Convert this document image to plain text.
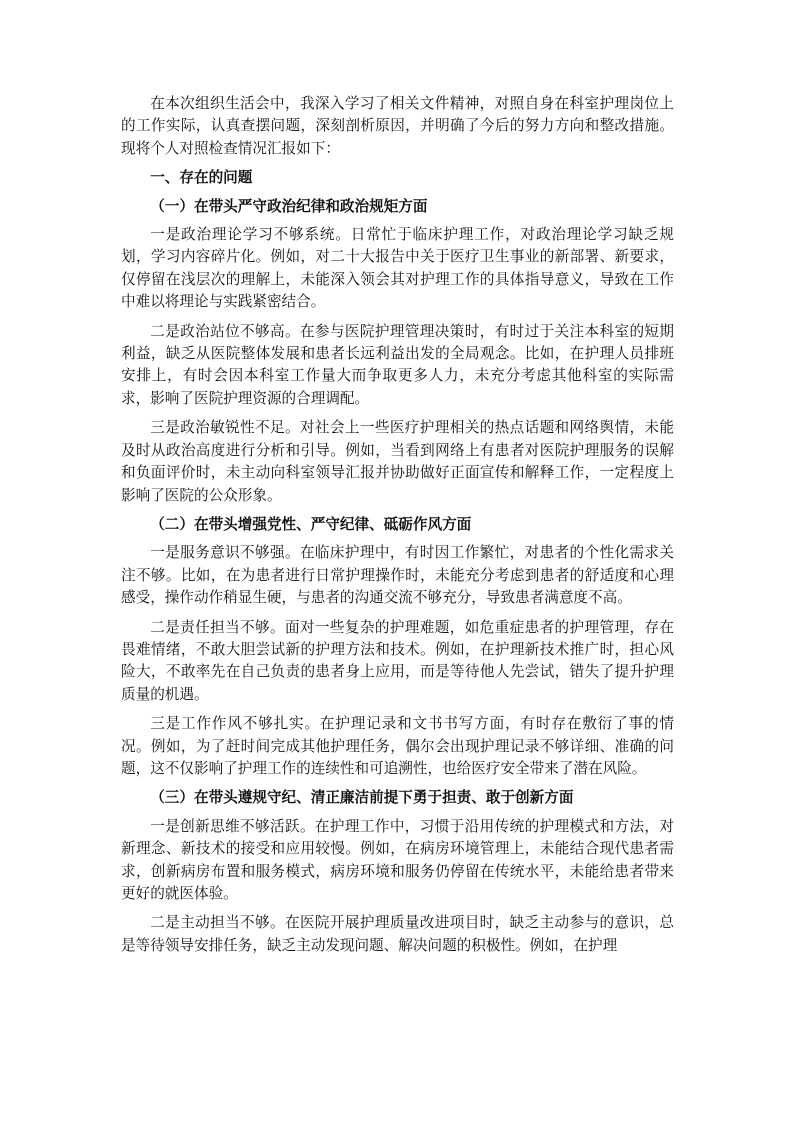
在本次组织生活会中，我深入学习了相关文件精神，对照自身在科室护理岗位上的工作实际，认真查摆问题，深刻剖析原因，并明确了今后的努力方向和整改措施。现将个人对照检查情况汇报如下：

一、存在的问题

（一）在带头严守政治纪律和政治规矩方面

一是政治理论学习不够系统。日常忙于临床护理工作，对政治理论学习缺乏规划，学习内容碎片化。例如，对二十大报告中关于医疗卫生事业的新部署、新要求，仅停留在浅层次的理解上，未能深入领会其对护理工作的具体指导意义，导致在工作中难以将理论与实践紧密结合。

二是政治站位不够高。在参与医院护理管理决策时，有时过于关注本科室的短期利益，缺乏从医院整体发展和患者长远利益出发的全局观念。比如，在护理人员排班安排上，有时会因本科室工作量大而争取更多人力，未充分考虑其他科室的实际需求，影响了医院护理资源的合理调配。

三是政治敏锐性不足。对社会上一些医疗护理相关的热点话题和网络舆情，未能及时从政治高度进行分析和引导。例如，当看到网络上有患者对医院护理服务的误解和负面评价时，未主动向科室领导汇报并协助做好正面宣传和解释工作，一定程度上影响了医院的公众形象。

（二）在带头增强党性、严守纪律、砥砺作风方面

一是服务意识不够强。在临床护理中，有时因工作繁忙，对患者的个性化需求关注不够。比如，在为患者进行日常护理操作时，未能充分考虑到患者的舒适度和心理感受，操作动作稍显生硬，与患者的沟通交流不够充分，导致患者满意度不高。

二是责任担当不够。面对一些复杂的护理难题，如危重症患者的护理管理，存在畏难情绪，不敢大胆尝试新的护理方法和技术。例如，在护理新技术推广时，担心风险大，不敢率先在自己负责的患者身上应用，而是等待他人先尝试，错失了提升护理质量的机遇。

三是工作作风不够扎实。在护理记录和文书书写方面，有时存在敷衍了事的情况。例如，为了赶时间完成其他护理任务，偶尔会出现护理记录不够详细、准确的问题，这不仅影响了护理工作的连续性和可追溯性，也给医疗安全带来了潜在风险。

（三）在带头遵规守纪、清正廉洁前提下勇于担责、敢于创新方面

一是创新思维不够活跃。在护理工作中，习惯于沿用传统的护理模式和方法，对新理念、新技术的接受和应用较慢。例如，在病房环境管理上，未能结合现代患者需求，创新病房布置和服务模式，病房环境和服务仍停留在传统水平，未能给患者带来更好的就医体验。

二是主动担当不够。在医院开展护理质量改进项目时，缺乏主动参与的意识，总是等待领导安排任务，缺乏主动发现问题、解决问题的积极性。例如，在护理
